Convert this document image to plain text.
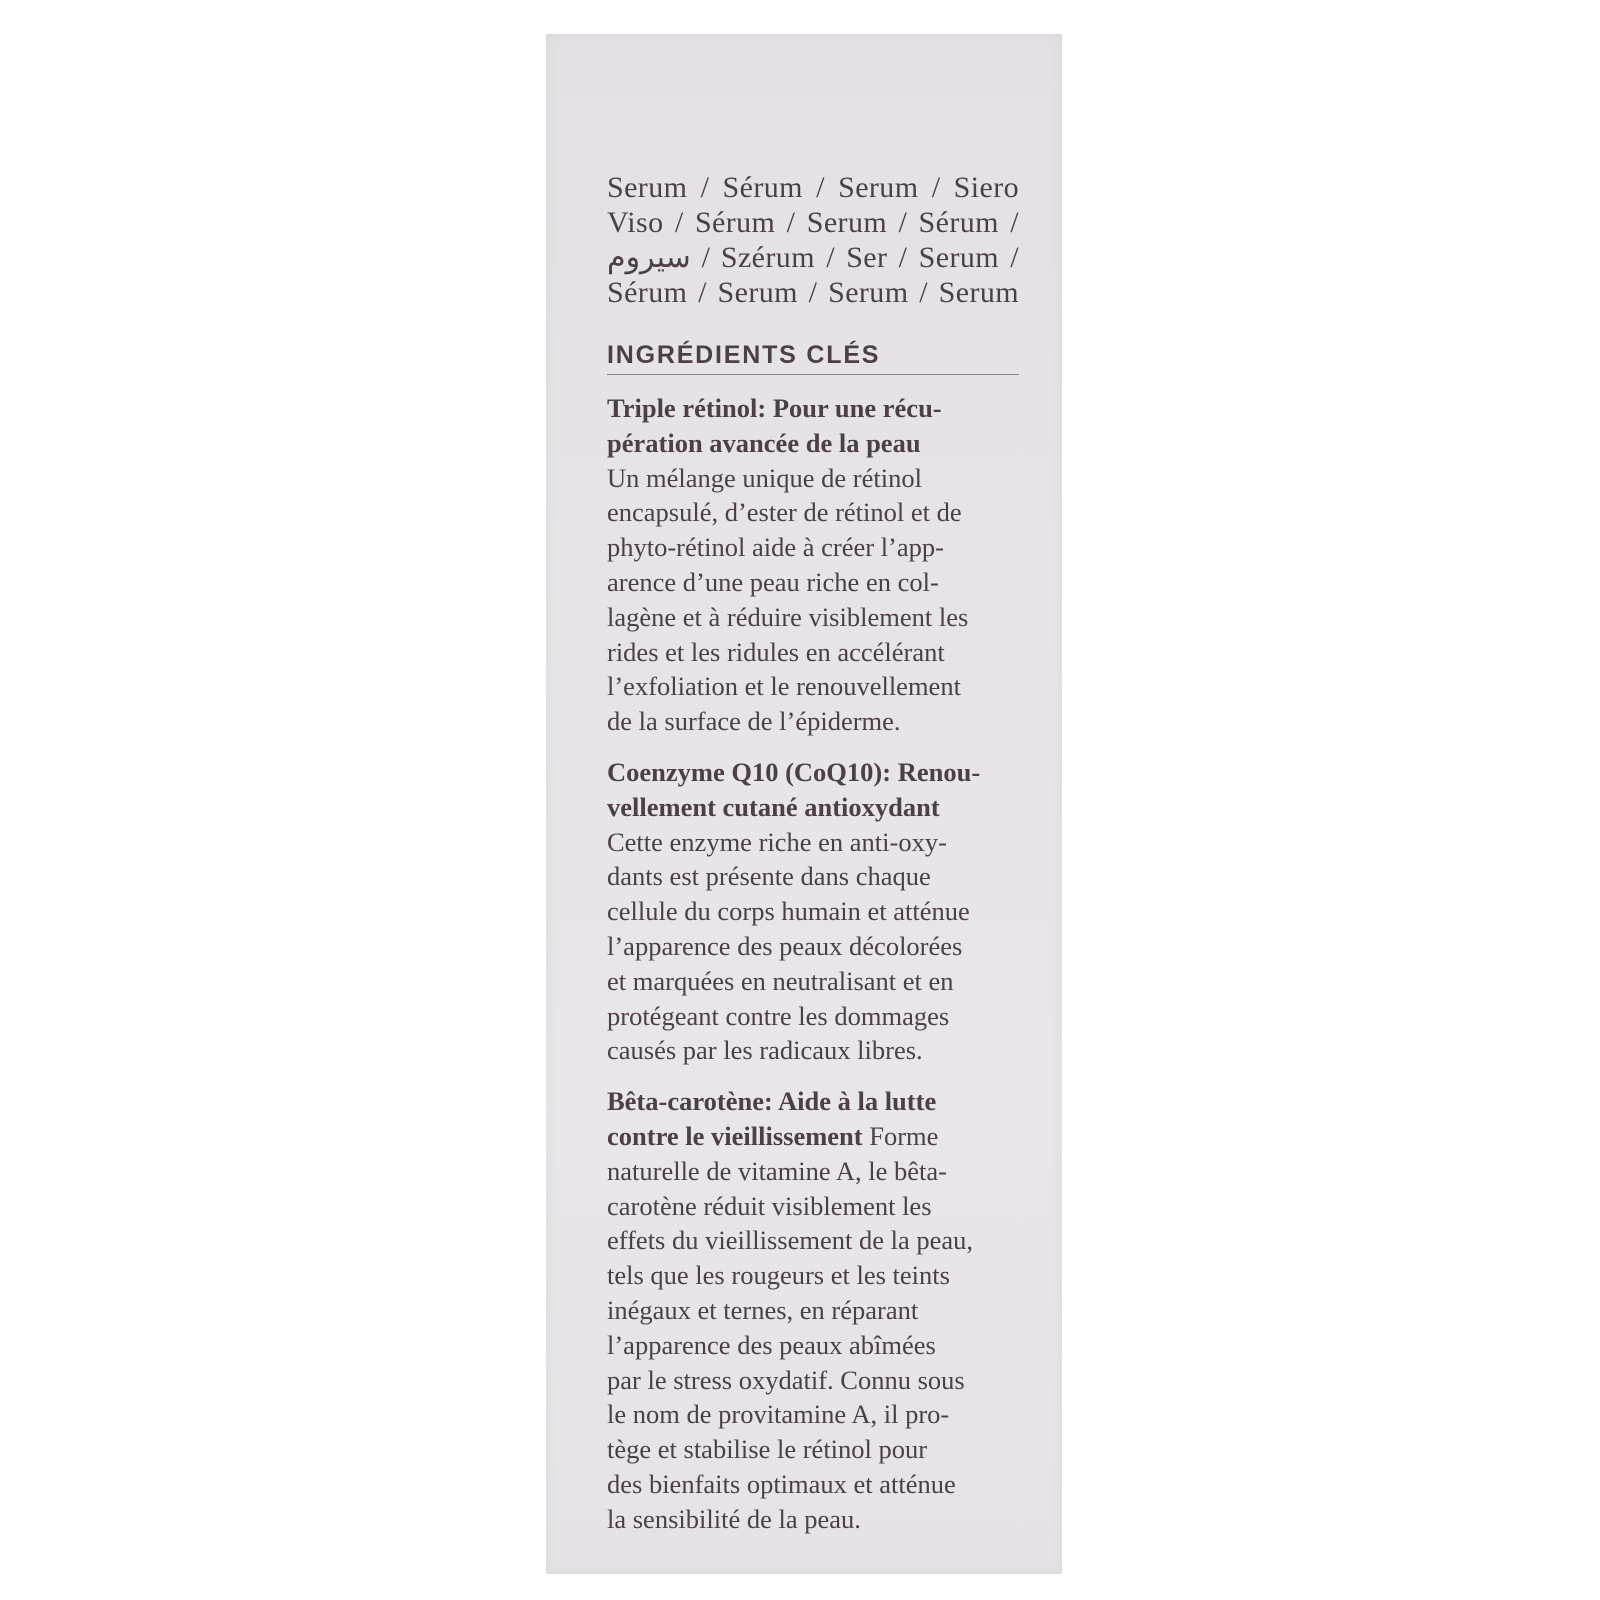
Serum / Sérum / Serum / Siero
Viso / Sérum / Serum / Sérum /
سيروم / Szérum / Ser / Serum /
Sérum / Serum / Serum / Serum

INGRÉDIENTS CLÉS
Triple rétinol: Pour une récu-
pération avancée de la peau
Un mélange unique de rétinol
encapsulé, d’ester de rétinol et de
phyto-rétinol aide à créer l’app-
arence d’une peau riche en col-
lagène et à réduire visiblement les
rides et les ridules en accélérant
l’exfoliation et le renouvellement
de la surface de l’épiderme.
Coenzyme Q10 (CoQ10): Renou-
vellement cutané antioxydant
Cette enzyme riche en anti-oxy-
dants est présente dans chaque
cellule du corps humain et atténue
l’apparence des peaux décolorées
et marquées en neutralisant et en
protégeant contre les dommages
causés par les radicaux libres.
Bêta-carotène: Aide à la lutte
contre le vieillissement Forme
naturelle de vitamine A, le bêta-
carotène réduit visiblement les
effets du vieillissement de la peau,
tels que les rougeurs et les teints
inégaux et ternes, en réparant
l’apparence des peaux abîmées
par le stress oxydatif. Connu sous
le nom de provitamine A, il pro-
tège et stabilise le rétinol pour
des bienfaits optimaux et atténue
la sensibilité de la peau.
